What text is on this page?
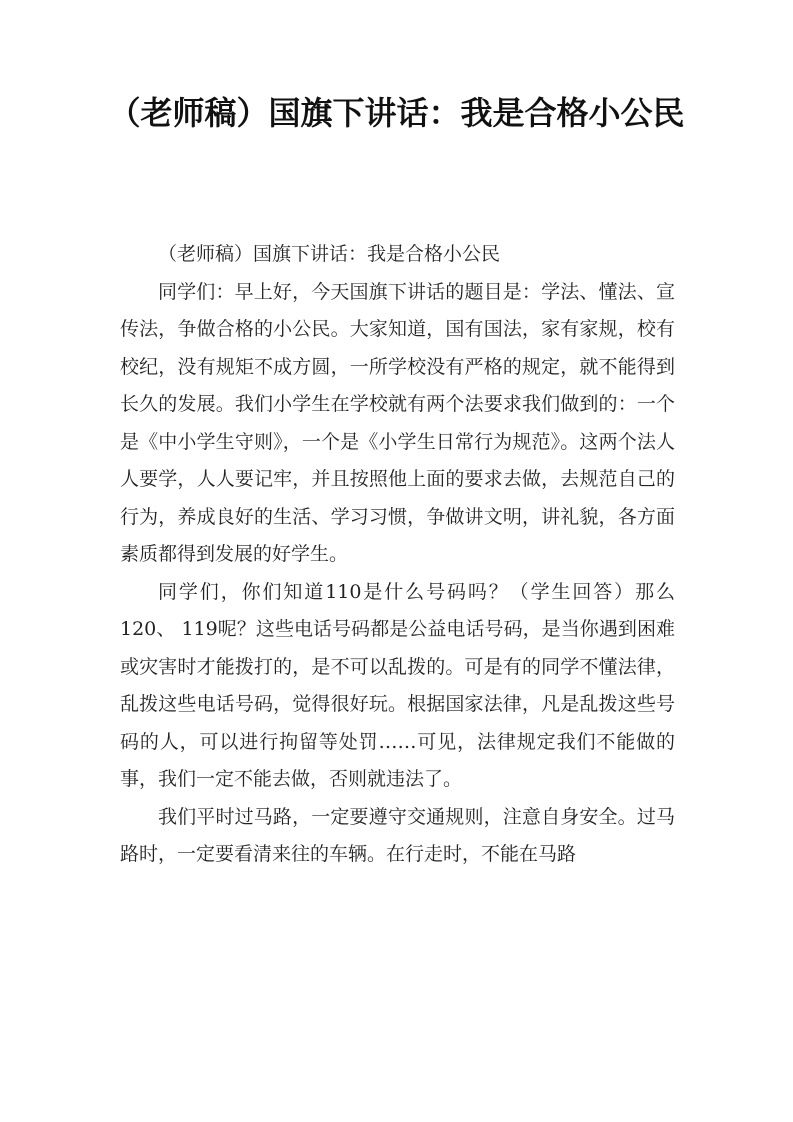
（老师稿）国旗下讲话：我是合格小公民

（老师稿）国旗下讲话：我是合格小公民

同学们：早上好，今天国旗下讲话的题目是：学法、懂法、宣传法，争做合格的小公民。大家知道，国有国法，家有家规，校有校纪，没有规矩不成方圆，一所学校没有严格的规定，就不能得到长久的发展。我们小学生在学校就有两个法要求我们做到的：一个是《中小学生守则》，一个是《小学生日常行为规范》。这两个法人人要学，人人要记牢，并且按照他上面的要求去做，去规范自己的行为，养成良好的生活、学习习惯，争做讲文明，讲礼貌，各方面素质都得到发展的好学生。

同学们，你们知道110是什么号码吗？（学生回答）那么120、 119呢？这些电话号码都是公益电话号码，是当你遇到困难或灾害时才能拨打的，是不可以乱拨的。可是有的同学不懂法律，乱拨这些电话号码，觉得很好玩。根据国家法律，凡是乱拨这些号码的人，可以进行拘留等处罚……可见，法律规定我们不能做的事，我们一定不能去做，否则就违法了。

我们平时过马路，一定要遵守交通规则，注意自身安全。过马路时，一定要看清来往的车辆。在行走时，不能在马路
